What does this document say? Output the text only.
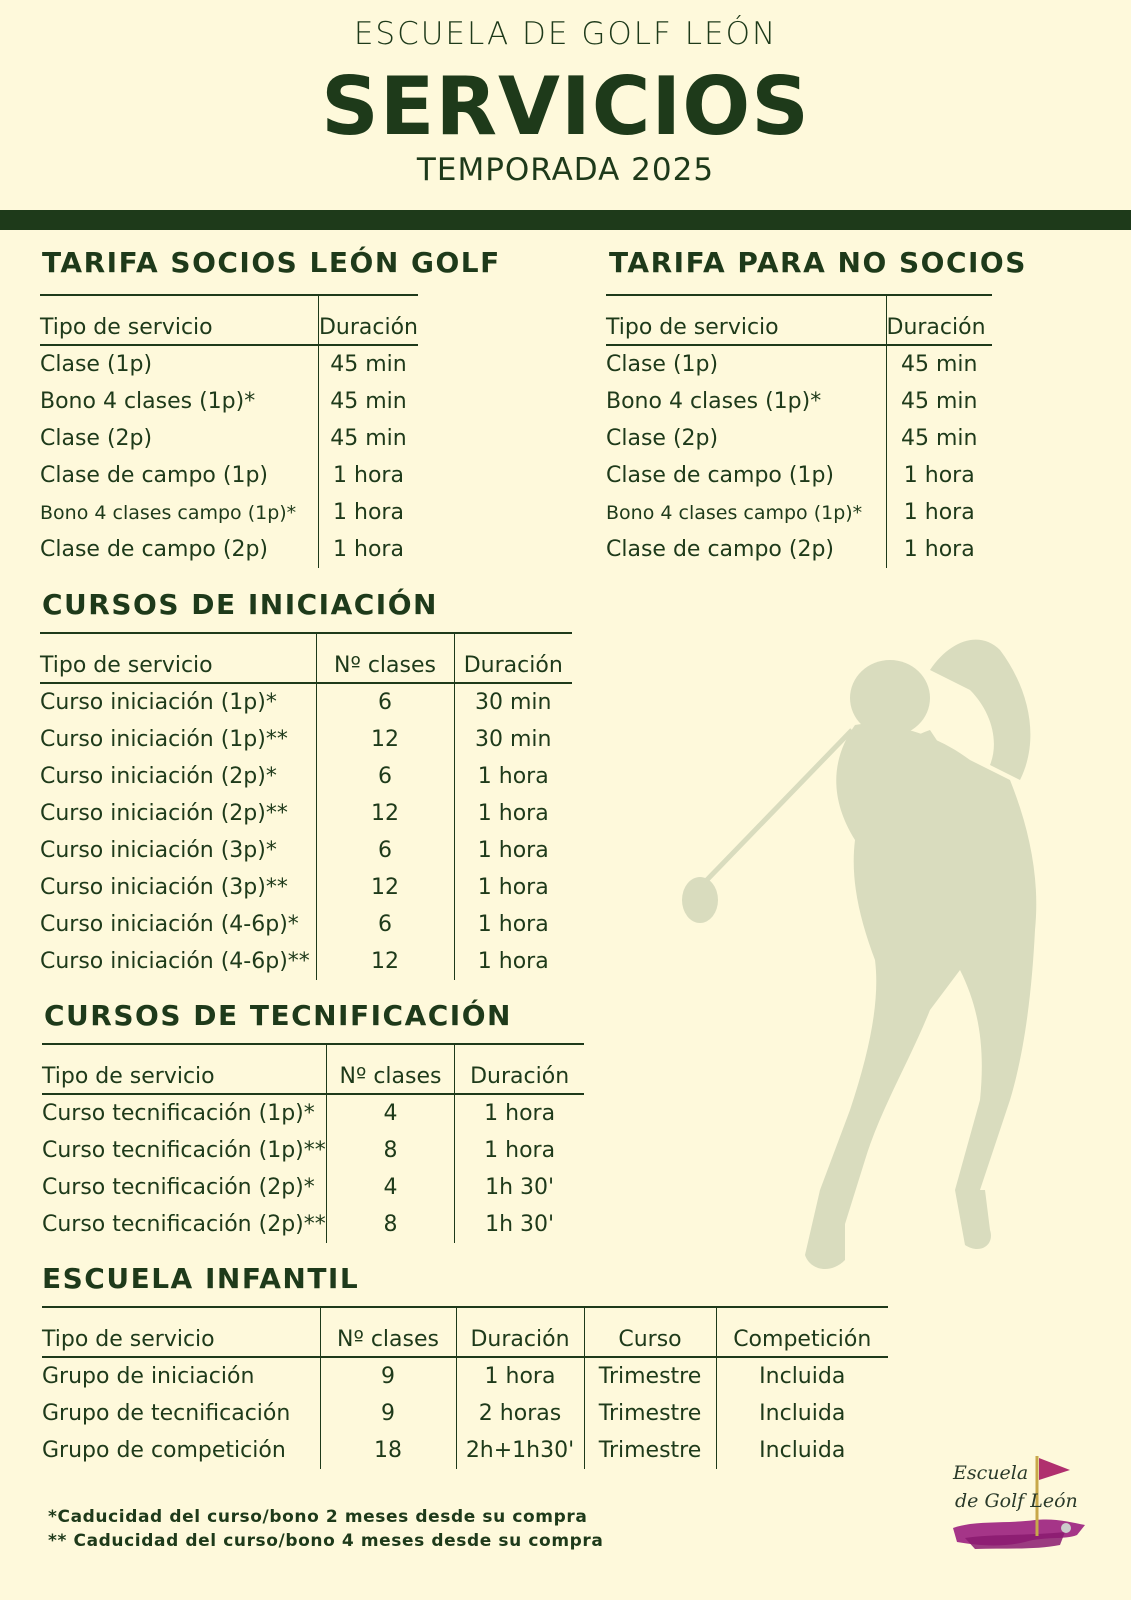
ESCUELA DE GOLF LEÓN
SERVICIOS
TEMPORADA 2025
TARIFA SOCIOS LEÓN GOLF
Tipo de servicio	Duración
Clase (1p)	45 min
Bono 4 clases (1p)*	45 min
Clase (2p)	45 min
Clase de campo (1p)	1 hora
Bono 4 clases campo (1p)*	1 hora
Clase de campo (2p)	1 hora
TARIFA PARA NO SOCIOS
Tipo de servicio	Duración
Clase (1p)	45 min
Bono 4 clases (1p)*	45 min
Clase (2p)	45 min
Clase de campo (1p)	1 hora
Bono 4 clases campo (1p)*	1 hora
Clase de campo (2p)	1 hora
CURSOS DE INICIACIÓN
Tipo de servicio	Nº clases	Duración
Curso iniciación (1p)*	6	30 min
Curso iniciación (1p)**	12	30 min
Curso iniciación (2p)*	6	1 hora
Curso iniciación (2p)**	12	1 hora
Curso iniciación (3p)*	6	1 hora
Curso iniciación (3p)**	12	1 hora
Curso iniciación (4-6p)*	6	1 hora
Curso iniciación (4-6p)**	12	1 hora
CURSOS DE TECNIFICACIÓN
Tipo de servicio	Nº clases	Duración
Curso tecnificación (1p)*	4	1 hora
Curso tecnificación (1p)**	8	1 hora
Curso tecnificación (2p)*	4	1h 30'
Curso tecnificación (2p)**	8	1h 30'
ESCUELA INFANTIL
Tipo de servicio	Nº clases	Duración	Curso	Competición
Grupo de iniciación	9	1 hora	Trimestre	Incluida
Grupo de tecnificación	9	2 horas	Trimestre	Incluida
Grupo de competición	18	2h+1h30'	Trimestre	Incluida
*Caducidad del curso/bono 2 meses desde su compra
** Caducidad del curso/bono 4 meses desde su compra
Escuela
de Golf León
